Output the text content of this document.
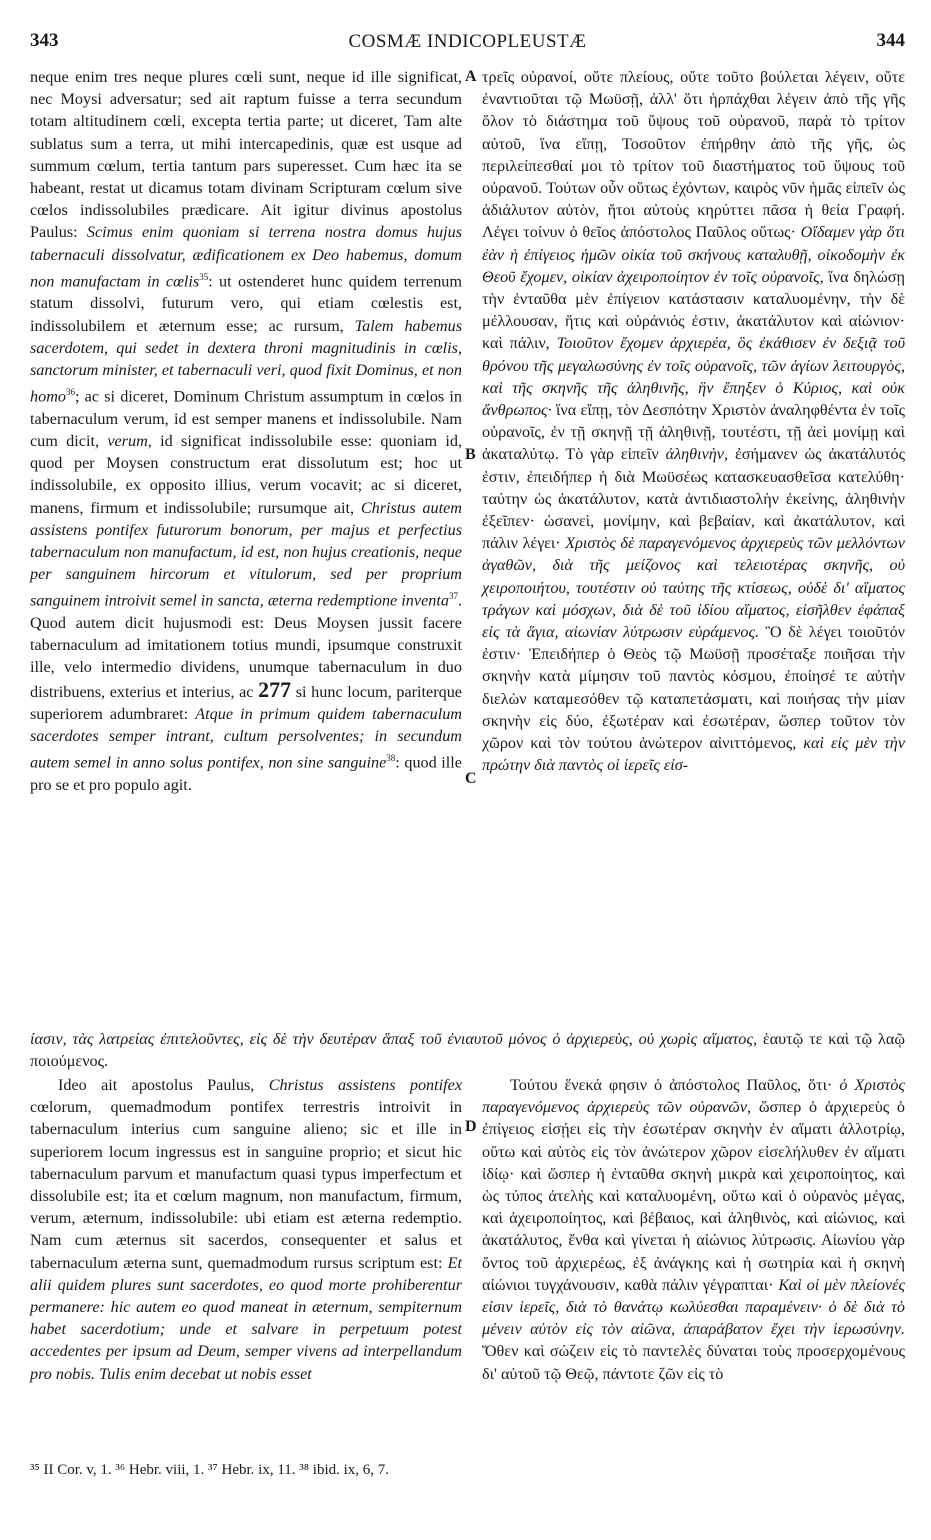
343	COSMÆ INDICOPLEUSTÆ	344
A
B
C
D

neque enim tres neque plures cœli sunt, neque id ille significat, nec Moysi adversatur; sed ait raptum fuisse a terra secundum totam altitudinem cœli, excepta tertia parte; ut diceret, Tam alte sublatus sum a terra, ut mihi intercapedinis, quæ est usque ad summum cœlum, tertia tantum pars superesset. Cum hæc ita se habeant, restat ut dicamus totam divinam Scripturam cœlum sive cœlos indissolubiles prædicare. Ait igitur divinus apostolus Paulus: Scimus enim quoniam si terrena nostra domus hujus tabernaculi dissolvatur, ædificationem ex Deo habemus, domum non manufactam in cœlis$^{35}$: ut ostenderet hunc quidem terrenum statum dissolvi, futurum vero, qui etiam cœlestis est, indissolubilem et æternum esse; ac rursum, Talem habemus sacerdotem, qui sedet in dextera throni magnitudinis in cœlis, sanctorum minister, et tabernaculi veri, quod fixit Dominus, et non homo$^{36}$; ac si diceret, Dominum Christum assumptum in cœlos in tabernaculum verum, id est semper manens et indissolubile. Nam cum dicit, verum, id significat indissolubile esse: quoniam id, quod per Moysen constructum erat dissolutum est; hoc ut indissolubile, ex opposito illius, verum vocavit; ac si diceret, manens, firmum et indissolubile; rursumque ait, Christus autem assistens pontifex futurorum bonorum, per majus et perfectius tabernaculum non manufactum, id est, non hujus creationis, neque per sanguinem hircorum et vitulorum, sed per proprium sanguinem introivit semel in sancta, æterna redemptione inventa$^{37}$. Quod autem dicit hujusmodi est: Deus Moysen jussit facere tabernaculum ad imitationem totius mundi, ipsumque construxit ille, velo intermedio dividens, unumque tabernaculum in duo distribuens, exterius et interius, ac 277 si hunc locum, pariterque superiorem adumbraret: Atque in primum quidem tabernaculum sacerdotes semper intrant, cultum persolventes; in secundum autem semel in anno solus pontifex, non sine sanguine$^{38}$: quod ille pro se et pro populo agit.

τρεῖς οὐρανοί, οὔτε πλείους, οὔτε τοῦτο βούλεται λέγειν, οὔτε ἐναντιοῦται τῷ Μωϋσῇ, ἀλλ' ὅτι ἡρπάχθαι λέγειν ἀπὸ τῆς γῆς ὅλον τὸ διάστημα τοῦ ὕψους τοῦ οὐρανοῦ, παρὰ τὸ τρίτον αὐτοῦ, ἵνα εἴπῃ, Τοσοῦτον ἐπήρθην ἀπὸ τῆς γῆς, ὡς περιλείπεσθαί μοι τὸ τρίτον τοῦ διαστήματος τοῦ ὕψους τοῦ οὐρανοῦ. Τούτων οὖν οὕτως ἐχόντων, καιρὸς νῦν ἡμᾶς εἰπεῖν ὡς ἀδιάλυτον αὐτὸν, ἤτοι αὐτοὺς κηρύττει πᾶσα ἡ θεία Γραφή. Λέγει τοίνυν ὁ θεῖος ἀπόστολος Παῦλος οὕτως· Οἴδαμεν γὰρ ὅτι ἐὰν ἡ ἐπίγειος ἡμῶν οἰκία τοῦ σκήνους καταλυθῇ, οἰκοδομὴν ἐκ Θεοῦ ἔχομεν, οἰκίαν ἀχειροποίητον ἐν τοῖς οὐρανοῖς, ἵνα δηλώσῃ τὴν ἐνταῦθα μὲν ἐπίγειον κατάστασιν καταλυομένην, τὴν δὲ μέλλουσαν, ἥτις καὶ οὐράνιός ἐστιν, ἀκατάλυτον καὶ αἰώνιον· καὶ πάλιν, Τοιοῦτον ἔχομεν ἀρχιερέα, ὃς ἐκάθισεν ἐν δεξιᾷ τοῦ θρόνου τῆς μεγαλωσύνης ἐν τοῖς οὐρανοῖς, τῶν ἁγίων λειτουργὸς, καὶ τῆς σκηνῆς τῆς ἀληθινῆς, ἣν ἔπηξεν ὁ Κύριος, καὶ οὐκ ἄνθρωπος· ἵνα εἴπῃ, τὸν Δεσπότην Χριστὸν ἀναληφθέντα ἐν τοῖς οὐρανοῖς, ἐν τῇ σκηνῇ τῇ ἀληθινῇ, τουτέστι, τῇ ἀεὶ μονίμῃ καὶ ἀκαταλύτῳ. Τὸ γὰρ εἰπεῖν ἀληθινὴν, ἐσήμανεν ὡς ἀκατάλυτός ἐστιν, ἐπειδήπερ ἡ διὰ Μωϋσέως κατασκευασθεῖσα κατελύθη· ταύτην ὡς ἀκατάλυτον, κατὰ ἀντιδιαστολὴν ἐκείνης, ἀληθινὴν ἐξεῖπεν· ὡσανεὶ, μονίμην, καὶ βεβαίαν, καὶ ἀκατάλυτον, καὶ πάλιν λέγει· Χριστὸς δὲ παραγενόμενος ἀρχιερεὺς τῶν μελλόντων ἀγαθῶν, διὰ τῆς μείζονος καὶ τελειοτέρας σκηνῆς, οὐ χειροποιήτου, τουτέστιν οὐ ταύτης τῆς κτίσεως, οὐδὲ δι' αἵματος τράγων καὶ μόσχων, διὰ δὲ τοῦ ἰδίου αἵματος, εἰσῆλθεν ἐφάπαξ εἰς τὰ ἅγια, αἰωνίαν λύτρωσιν εὑράμενος. Ὃ δὲ λέγει τοιοῦτόν ἐστιν· Ἐπειδήπερ ὁ Θεὸς τῷ Μωϋσῇ προσέταξε ποιῆσαι τὴν σκηνὴν κατὰ μίμησιν τοῦ παντὸς κόσμου, ἐποίησέ τε αὐτὴν διελὼν καταμεσόθεν τῷ καταπετάσματι, καὶ ποιήσας τὴν μίαν σκηνὴν εἰς δύο, ἐξωτέραν καὶ ἐσωτέραν, ὥσπερ τοῦτον τὸν χῶρον καὶ τὸν τούτου ἀνώτερον αἰνιττόμενος, καὶ εἰς μὲν τὴν πρώτην διὰ παντὸς οἱ ἱερεῖς εἰσ-

ίασιν, τὰς λατρείας ἐπιτελοῦντες, εἰς δὲ τὴν δευτέραν ἅπαξ τοῦ ἐνιαυτοῦ μόνος ὁ ἀρχιερεὺς, οὐ χωρὶς αἵματος, ἑαυτῷ τε καὶ τῷ λαῷ ποιούμενος.

Ideo ait apostolus Paulus, Christus assistens pontifex cœlorum, quemadmodum pontifex terrestris introivit in tabernaculum interius cum sanguine alieno; sic et ille in superiorem locum ingressus est in sanguine proprio; et sicut hic tabernaculum parvum et manufactum quasi typus imperfectum et dissolubile est; ita et cœlum magnum, non manufactum, firmum, verum, æternum, indissolubile: ubi etiam est æterna redemptio. Nam cum æternus sit sacerdos, consequenter et salus et tabernaculum æterna sunt, quemadmodum rursus scriptum est: Et alii quidem plures sunt sacerdotes, eo quod morte prohiberentur permanere: hic autem eo quod maneat in æternum, sempiternum habet sacerdotium; unde et salvare in perpetuum potest accedentes per ipsum ad Deum, semper vivens ad interpellandum pro nobis. Tulis enim decebat ut nobis esset

Τούτου ἕνεκά φησιν ὁ ἀπόστολος Παῦλος, ὅτι· ὁ Χριστὸς παραγενόμενος ἀρχιερεὺς τῶν οὐρανῶν, ὥσπερ ὁ ἀρχιερεὺς ὁ ἐπίγειος εἰσῄει εἰς τὴν ἐσωτέραν σκηνὴν ἐν αἵματι ἀλλοτρίῳ, οὕτω καὶ αὐτὸς εἰς τὸν ἀνώτερον χῶρον εἰσελήλυθεν ἐν αἵματι ἰδίῳ· καὶ ὥσπερ ἡ ἐνταῦθα σκηνὴ μικρὰ καὶ χειροποίητος, καὶ ὡς τύπος ἀτελὴς καὶ καταλυομένη, οὕτω καὶ ὁ οὐρανὸς μέγας, καὶ ἀχειροποίητος, καὶ βέβαιος, καὶ ἀληθινὸς, καὶ αἰώνιος, καὶ ἀκατάλυτος, ἔνθα καὶ γίνεται ἡ αἰώνιος λύτρωσις. Αἰωνίου γὰρ ὄντος τοῦ ἀρχιερέως, ἐξ ἀνάγκης καὶ ἡ σωτηρία καὶ ἡ σκηνὴ αἰώνιοι τυγχάνουσιν, καθὰ πάλιν γέγραπται· Καὶ οἱ μὲν πλείονές εἰσιν ἱερεῖς, διὰ τὸ θανάτῳ κωλύεσθαι παραμένειν· ὁ δὲ διὰ τὸ μένειν αὐτὸν εἰς τὸν αἰῶνα, ἀπαράβατον ἔχει τὴν ἱερωσύνην. Ὅθεν καὶ σώζειν εἰς τὸ παντελὲς δύναται τοὺς προσερχομένους δι' αὐτοῦ τῷ Θεῷ, πάντοτε ζῶν εἰς τὸ

³⁵ II Cor. v, 1. ³⁶ Hebr. viii, 1. ³⁷ Hebr. ix, 11. ³⁸ ibid. ix, 6, 7.
